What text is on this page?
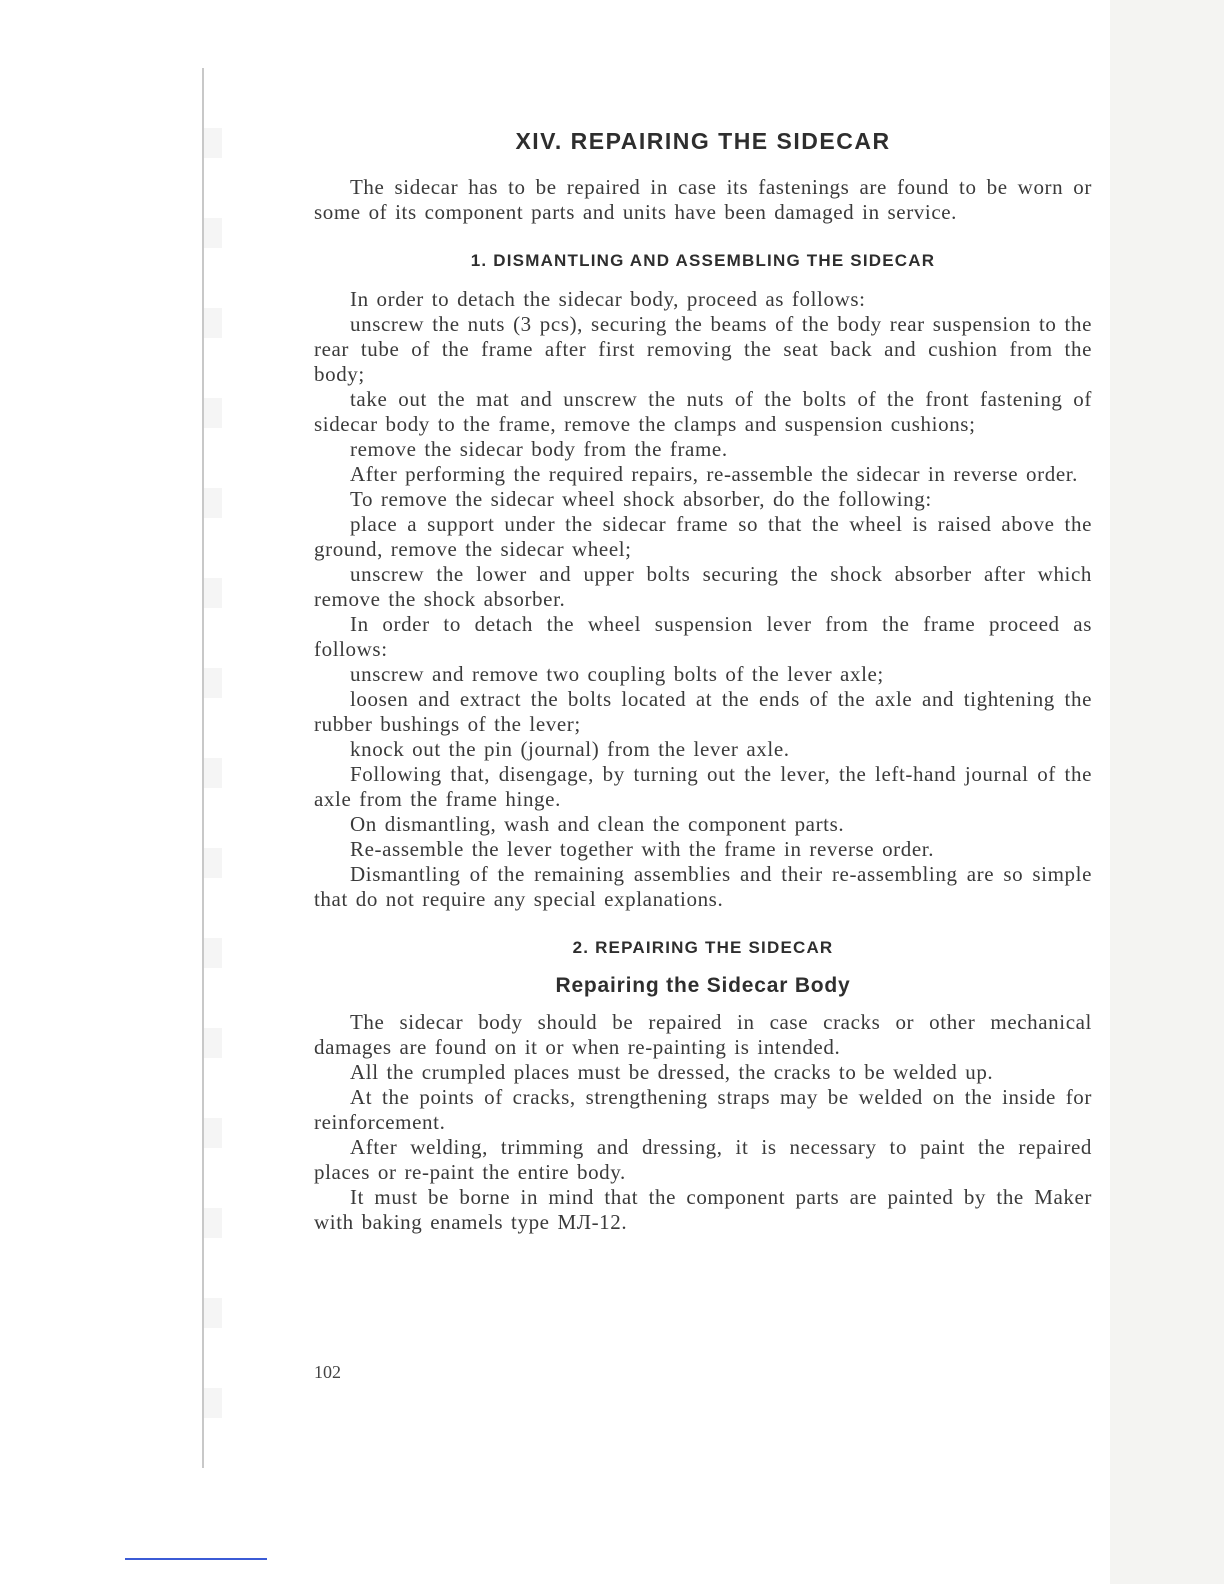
XIV. REPAIRING THE SIDECAR

The sidecar has to be repaired in case its fastenings are found to be worn or some of its component parts and units have been damaged in service.

1. DISMANTLING AND ASSEMBLING THE SIDECAR

In order to detach the sidecar body, proceed as follows:

unscrew the nuts (3 pcs), securing the beams of the body rear suspension to the rear tube of the frame after first removing the seat back and cushion from the body;

take out the mat and unscrew the nuts of the bolts of the front fastening of sidecar body to the frame, remove the clamps and suspension cushions;

remove the sidecar body from the frame.

After performing the required repairs, re-assemble the sidecar in reverse order.

To remove the sidecar wheel shock absorber, do the following:

place a support under the sidecar frame so that the wheel is raised above the ground, remove the sidecar wheel;

unscrew the lower and upper bolts securing the shock absorber after which remove the shock absorber.

In order to detach the wheel suspension lever from the frame proceed as follows:

unscrew and remove two coupling bolts of the lever axle;

loosen and extract the bolts located at the ends of the axle and tightening the rubber bushings of the lever;

knock out the pin (journal) from the lever axle.

Following that, disengage, by turning out the lever, the left-hand journal of the axle from the frame hinge.

On dismantling, wash and clean the component parts.

Re-assemble the lever together with the frame in reverse order.

Dismantling of the remaining assemblies and their re-assembling are so simple that do not require any special explanations.

2. REPAIRING THE SIDECAR
Repairing the Sidecar Body

The sidecar body should be repaired in case cracks or other mechanical damages are found on it or when re-painting is intended.

All the crumpled places must be dressed, the cracks to be welded up.

At the points of cracks, strengthening straps may be welded on the inside for reinforcement.

After welding, trimming and dressing, it is necessary to paint the repaired places or re-paint the entire body.

It must be borne in mind that the component parts are painted by the Maker with baking enamels type МЛ-12.

102
